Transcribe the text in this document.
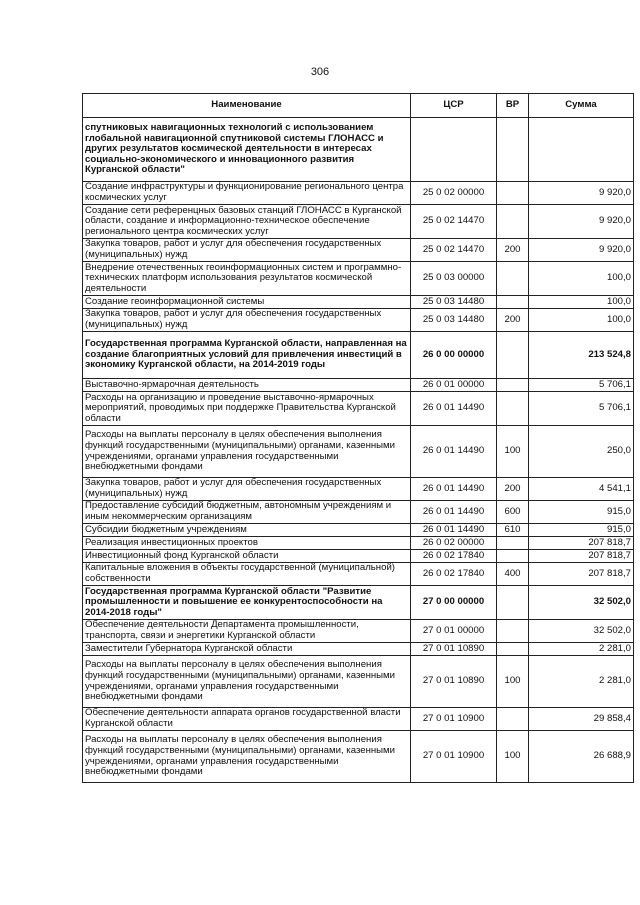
306
Наименование	ЦСР	ВР	Сумма
спутниковых навигационных технологий с использованием глобальной навигационной спутниковой системы ГЛОНАСС и других результатов космической деятельности в интересах социально-экономического и инновационного развития Курганской области"			
Создание инфраструктуры и функционирование регионального центра космических услуг	25 0 02 00000		9 920,0
Создание сети референцных базовых станций ГЛОНАСС в Курганской области, создание и информационно-техническое обеспечение регионального центра космических услуг	25 0 02 14470		9 920,0
Закупка товаров, работ и услуг для обеспечения государственных (муниципальных) нужд	25 0 02 14470	200	9 920,0
Внедрение отечественных геоинформационных систем и программно-технических платформ использования результатов космической деятельности	25 0 03 00000		100,0
Создание геоинформационной системы	25 0 03 14480		100,0
Закупка товаров, работ и услуг для обеспечения государственных (муниципальных) нужд	25 0 03 14480	200	100,0
Государственная программа Курганской области, направленная на создание благоприятных условий для привлечения инвестиций в экономику Курганской области, на 2014-2019 годы	26 0 00 00000		213 524,8
Выставочно-ярмарочная деятельность	26 0 01 00000		5 706,1
Расходы на организацию и проведение выставочно-ярмарочных мероприятий, проводимых при поддержке Правительства Курганской области	26 0 01 14490		5 706,1
Расходы на выплаты персоналу в целях обеспечения выполнения функций государственными (муниципальными) органами, казенными учреждениями, органами управления государственными внебюджетными фондами	26 0 01 14490	100	250,0
Закупка товаров, работ и услуг для обеспечения государственных (муниципальных) нужд	26 0 01 14490	200	4 541,1
Предоставление субсидий бюджетным, автономным учреждениям и иным некоммерческим организациям	26 0 01 14490	600	915,0
Субсидии бюджетным учреждениям	26 0 01 14490	610	915,0
Реализация инвестиционных проектов	26 0 02 00000		207 818,7
Инвестиционный фонд Курганской области	26 0 02 17840		207 818,7
Капитальные вложения в объекты государственной (муниципальной) собственности	26 0 02 17840	400	207 818,7
Государственная программа Курганской области "Развитие промышленности и повышение ее конкурентоспособности на 2014-2018 годы"	27 0 00 00000		32 502,0
Обеспечение деятельности Департамента промышленности, транспорта, связи и энергетики Курганской области	27 0 01 00000		32 502,0
Заместители Губернатора Курганской области	27 0 01 10890		2 281,0
Расходы на выплаты персоналу в целях обеспечения выполнения функций государственными (муниципальными) органами, казенными учреждениями, органами управления государственными внебюджетными фондами	27 0 01 10890	100	2 281,0
Обеспечение деятельности аппарата органов государственной власти Курганской области	27 0 01 10900		29 858,4
Расходы на выплаты персоналу в целях обеспечения выполнения функций государственными (муниципальными) органами, казенными учреждениями, органами управления государственными внебюджетными фондами	27 0 01 10900	100	26 688,9
